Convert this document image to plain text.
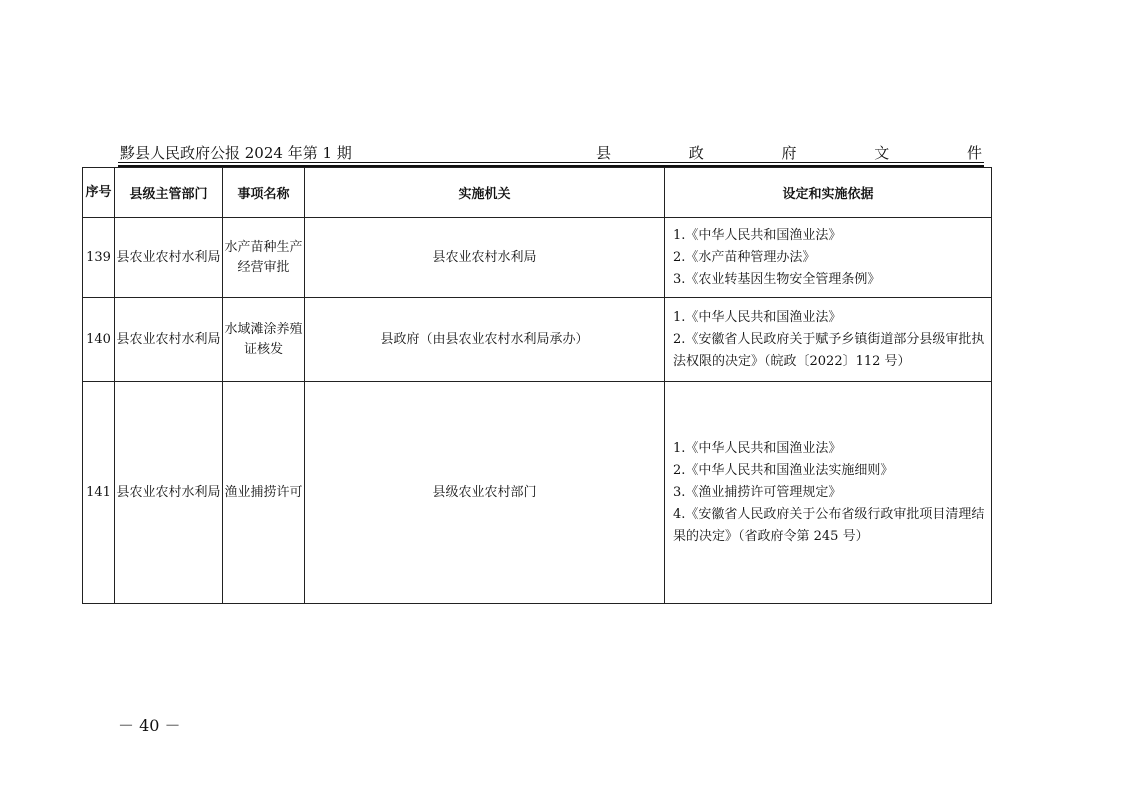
黟县人民政府公报 2024 年第 1 期	县	政	府	文	件
序号	县级主管部门	事项名称	实施机关	设定和实施依据
139	县农业农村水利局	水产苗种生产经营审批	县农业农村水利局	1.《中华人民共和国渔业法》
2.《水产苗种管理办法》
3.《农业转基因生物安全管理条例》

140	县农业农村水利局	水域滩涂养殖证核发	县政府（由县农业农村水利局承办）	1.《中华人民共和国渔业法》
2.《安徽省人民政府关于赋予乡镇街道部分县级审批执法权限的决定》（皖政〔2022〕112 号）

141	县农业农村水利局	渔业捕捞许可	县级农业农村部门	1.《中华人民共和国渔业法》
2.《中华人民共和国渔业法实施细则》
3.《渔业捕捞许可管理规定》
4.《安徽省人民政府关于公布省级行政审批项目清理结果的决定》（省政府令第 245 号）
－ 40 －
